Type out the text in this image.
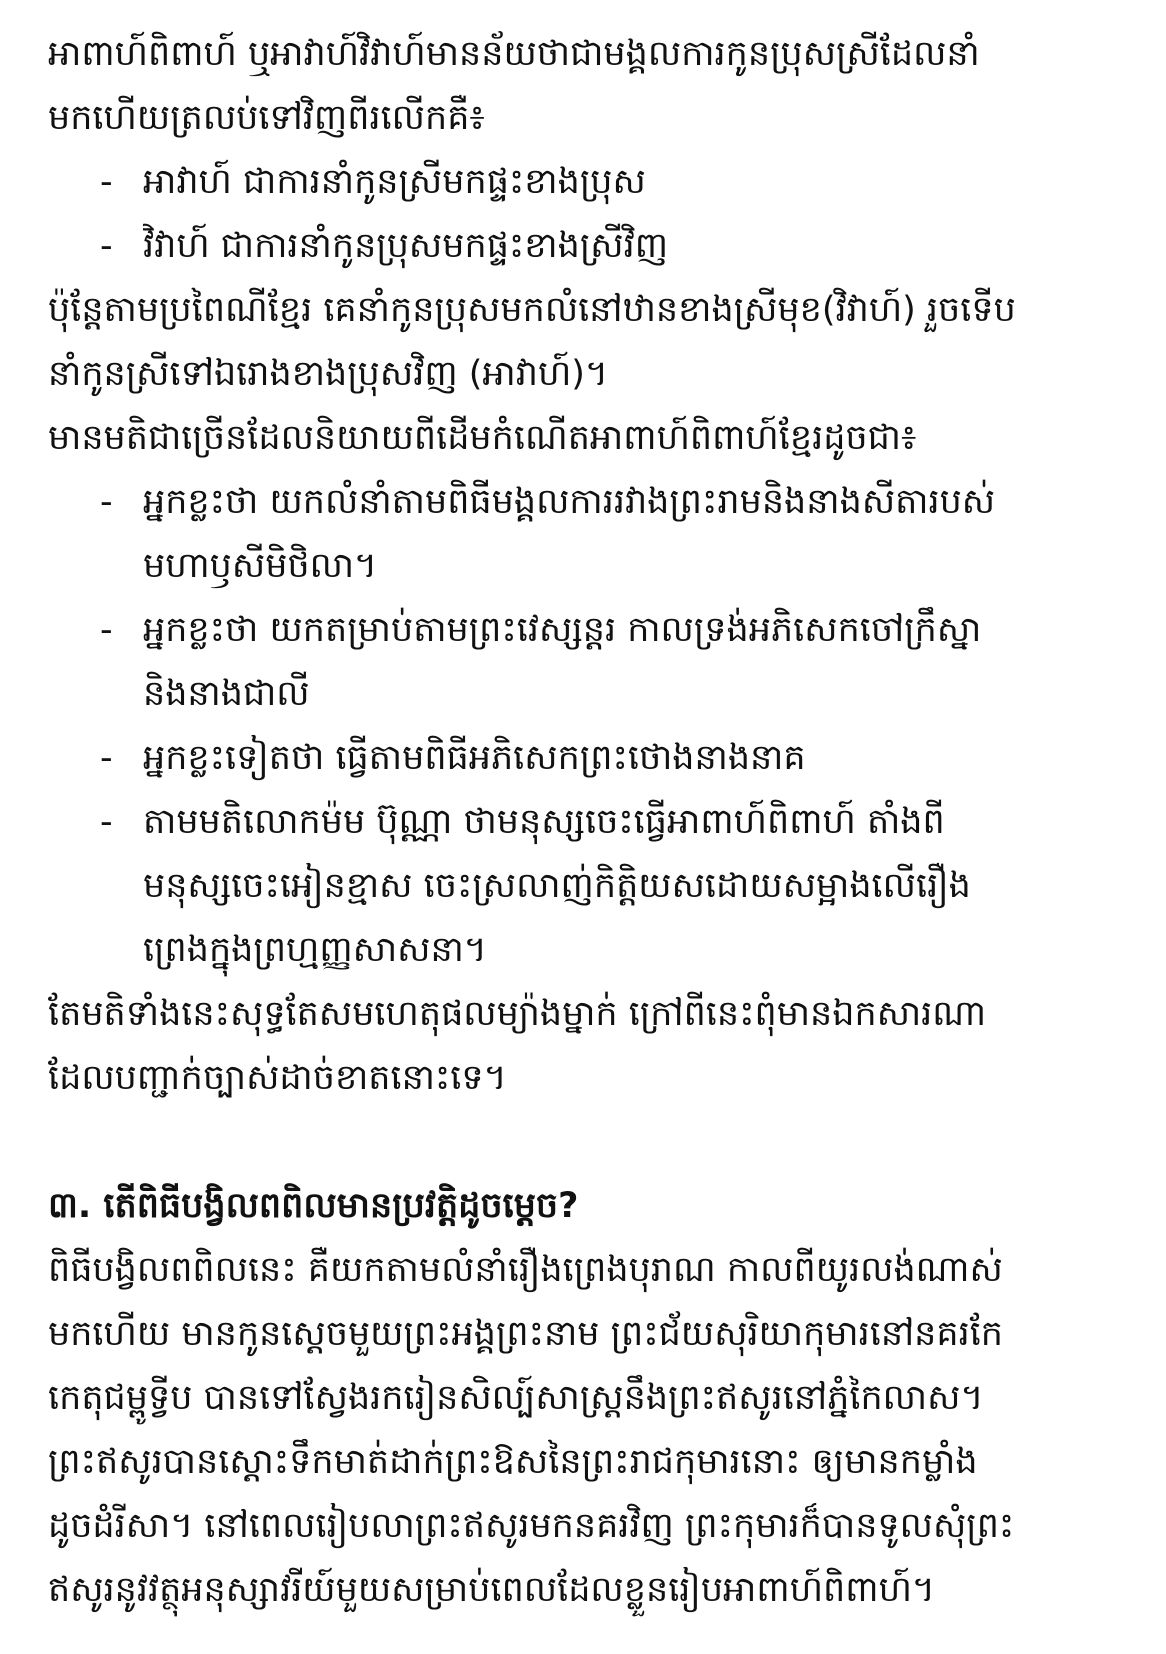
អាពាហ៍ពិពាហ៍ ឬអាវាហ៍វិវាហ៍មានន័យថាជាមង្គលការកូនប្រុសស្រីដែលនាំ
មកហើយត្រលប់ទៅវិញពីរលើកគឺ៖
- អាវាហ៍ ជាការនាំកូនស្រីមកផ្ទះខាងប្រុស
- វិវាហ៍ ជាការនាំកូនប្រុសមកផ្ទះខាងស្រីវិញ
ប៉ុន្តែតាមប្រពៃណីខ្មែរ គេនាំកូនប្រុសមកលំនៅឋានខាងស្រីមុខ(វិវាហ៍) រួចទើប
នាំកូនស្រីទៅឯរោងខាងប្រុសវិញ (អាវាហ៍)។
មានមតិជាច្រើនដែលនិយាយពីដើមកំណើតអាពាហ៍ពិពាហ៍ខ្មែរដូចជា៖
- អ្នកខ្លះថា យកលំនាំតាមពិធីមង្គលការរវាងព្រះរាមនិងនាងសីតារបស់
មហាឫសីមិថិលា។
- អ្នកខ្លះថា យកតម្រាប់តាមព្រះវេស្សន្តរ កាលទ្រង់អភិសេកចៅក្រឹស្នា
និងនាងជាលី
- អ្នកខ្លះទៀតថា ធ្វើតាមពិធីអភិសេកព្រះថោងនាងនាគ
- តាមមតិលោកម៉ម ប៊ុណ្ណា ថាមនុស្សចេះធ្វើអាពាហ៍ពិពាហ៍ តាំងពី
មនុស្សចេះអៀនខ្មាស ចេះស្រលាញ់កិត្តិយសដោយសម្អាងលើរឿង
ព្រេងក្នុងព្រហ្មញ្ញសាសនា។
តែមតិទាំងនេះសុទ្ធតែសមហេតុផលម្យ៉ាងម្នាក់ ក្រៅពីនេះពុំមានឯកសារណា
ដែលបញ្ជាក់ច្បាស់ដាច់ខាតនោះទេ។
៣. តើពិធីបង្វិលពពិលមានប្រវត្តិដូចម្តេច?
ពិធីបង្វិលពពិលនេះ គឺយកតាមលំនាំរឿងព្រេងបុរាណ កាលពីយូរលង់ណាស់
មកហើយ មានកូនស្តេចមួយព្រះអង្គព្រះនាម ព្រះជ័យសុរិយាកុមារនៅនគរកែ
កេតុជម្ពូទ្វីប បានទៅស្វែងរករៀនសិល្ប៍សាស្ត្រនឹងព្រះឥសូរនៅភ្នំកៃលាស។
ព្រះឥសូរបានស្តោះទឹកមាត់ដាក់ព្រះឱសនៃព្រះរាជកុមារនោះ ឲ្យមានកម្លាំង
ដូចដំរីសា។ នៅពេលរៀបលាព្រះឥសូរមកនគរវិញ ព្រះកុមារក៏បានទូលសុំព្រះ
ឥសូរនូវវត្ថុអនុស្សាវរីយ៍មួយសម្រាប់ពេលដែលខ្លួនរៀបអាពាហ៍ពិពាហ៍។
